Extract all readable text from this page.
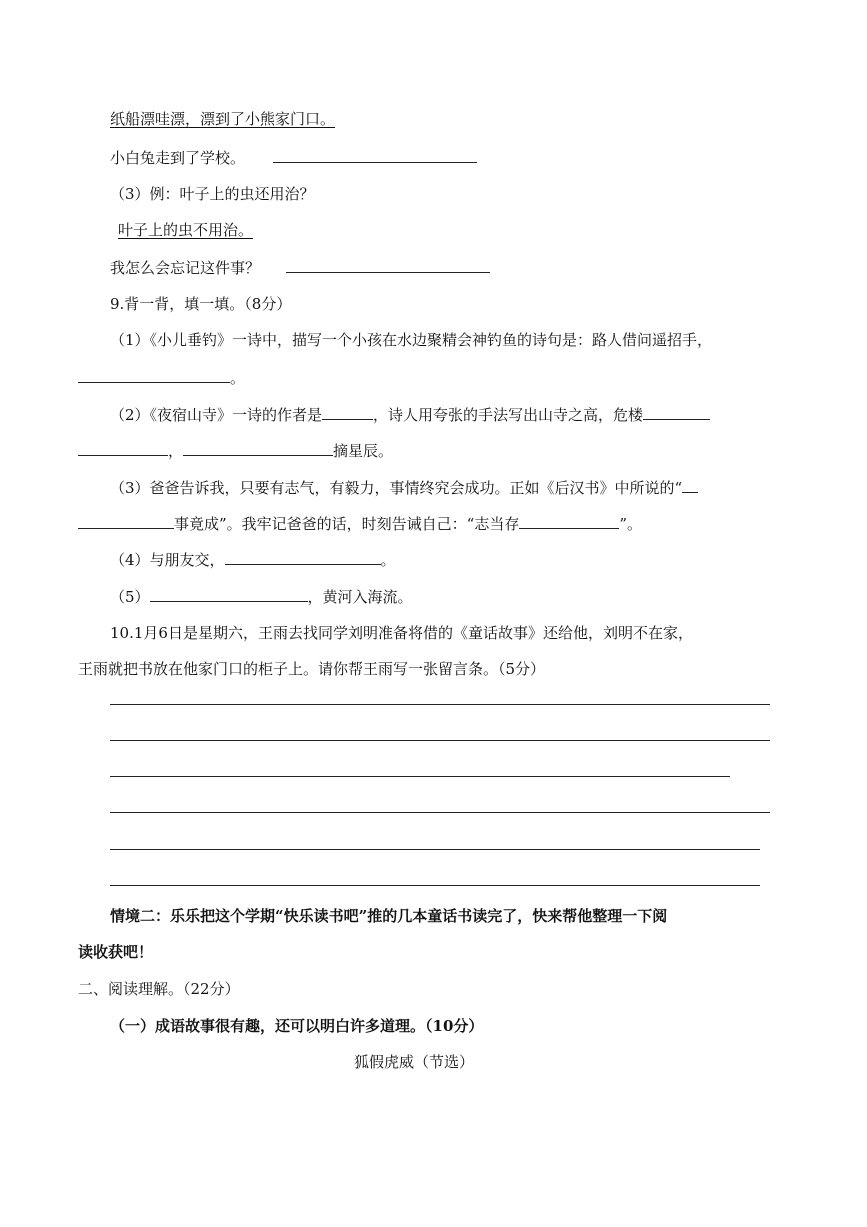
纸船漂哇漂，漂到了小熊家门口。
小白兔走到了学校。
（3）例：叶子上的虫还用治？
叶子上的虫不用治。
我怎么会忘记这件事？
9.背一背，填一填。（8分）
（1）《小儿垂钓》一诗中，描写一个小孩在水边聚精会神钓鱼的诗句是：路人借问遥招手，
。
（2）《夜宿山寺》一诗的作者是	，诗人用夸张的手法写出山寺之高，危楼
，	摘星辰。
（3）爸爸告诉我，只要有志气，有毅力，事情终究会成功。正如《后汉书》中所说的“
事竟成”。我牢记爸爸的话，时刻告诫自己：“志当存	”。
（4）与朋友交，	。
（5）	，黄河入海流。
10.1月6日是星期六，王雨去找同学刘明准备将借的《童话故事》还给他，刘明不在家，
王雨就把书放在他家门口的柜子上。请你帮王雨写一张留言条。（5分）
情境二：乐乐把这个学期“快乐读书吧”推的几本童话书读完了，快来帮他整理一下阅
读收获吧！
二、阅读理解。（22分）
（一）成语故事很有趣，还可以明白许多道理。（10分）
狐假虎威（节选）
